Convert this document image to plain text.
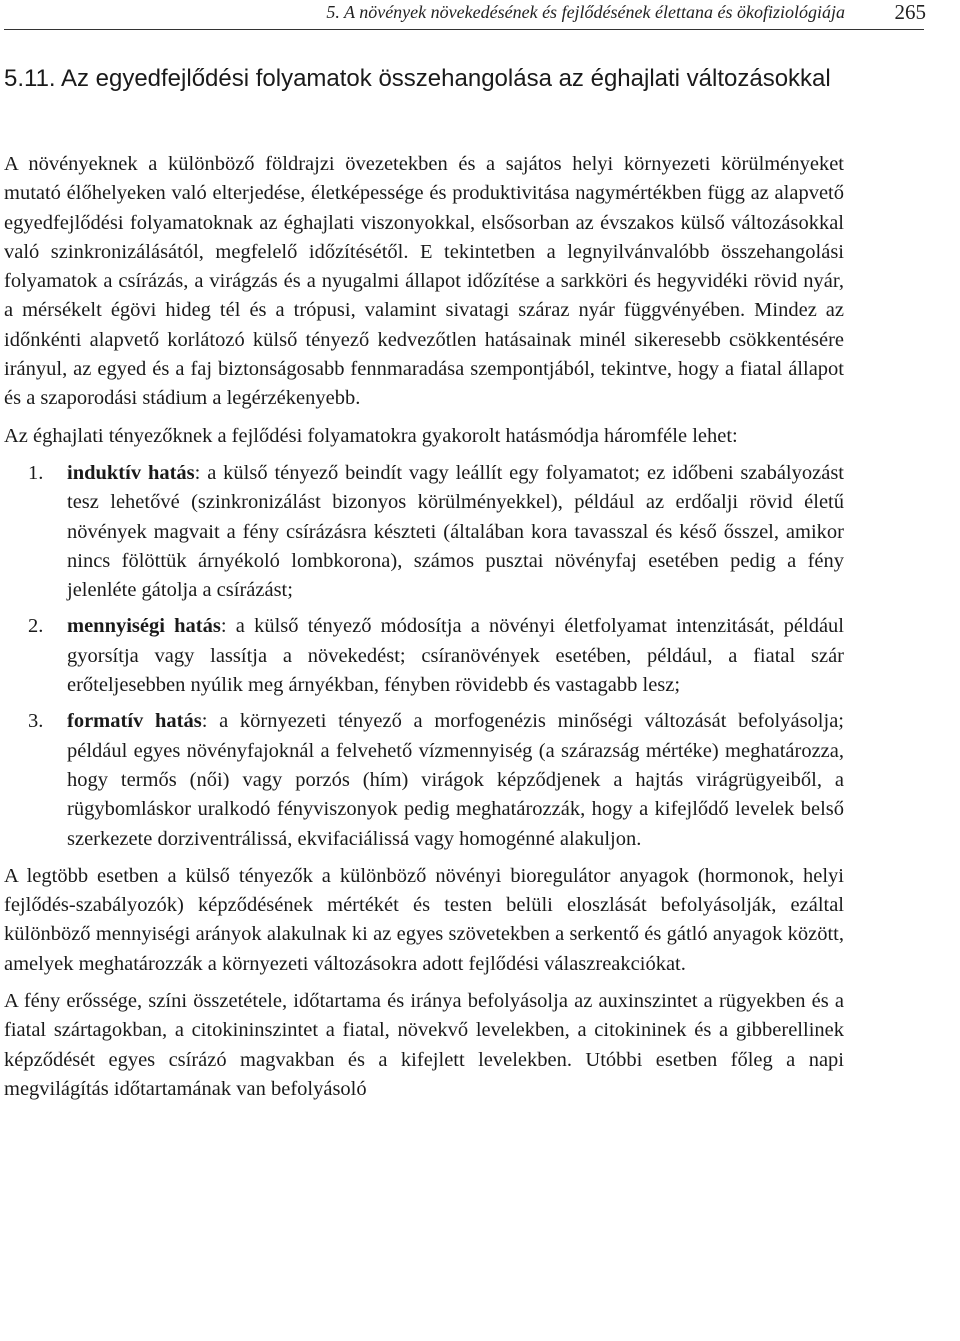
5. A növények növekedésének és fejlődésének élettana és ökofiziológiája 265
5.11. Az egyedfejlődési folyamatok összehangolása az éghajlati változásokkal

A növényeknek a különböző földrajzi övezetekben és a sajátos helyi környezeti körülményeket mutató élőhelyeken való elterjedése, életképessége és produktivitása nagymértékben függ az alapvető egyedfejlődési folyamatoknak az éghajlati viszonyokkal, elsősorban az évszakos külső változásokkal való szinkronizálásától, megfelelő időzítésétől. E tekintetben a legnyilvánvalóbb összehangolási folyamatok a csírázás, a virágzás és a nyugalmi állapot időzítése a sarkköri és hegyvidéki rövid nyár, a mérsékelt égövi hideg tél és a trópusi, valamint sivatagi száraz nyár függvényében. Mindez az időnkénti alapvető korlátozó külső tényező kedvezőtlen hatásainak minél sikeresebb csökkentésére irányul, az egyed és a faj biztonságosabb fennmaradása szempontjából, tekintve, hogy a fiatal állapot és a szaporodási stádium a legérzékenyebb.

Az éghajlati tényezőknek a fejlődési folyamatokra gyakorolt hatásmódja háromféle lehet:

1. induktív hatás: a külső tényező beindít vagy leállít egy folyamatot; ez időbeni szabályozást tesz lehetővé (szinkronizálást bizonyos körülményekkel), például az erdőalji rövid életű növények magvait a fény csírázásra készteti (általában kora tavasszal és késő ősszel, amikor nincs fölöttük árnyékoló lombkorona), számos pusztai növényfaj esetében pedig a fény jelenléte gátolja a csírázást;
2. mennyiségi hatás: a külső tényező módosítja a növényi életfolyamat intenzitását, például gyorsítja vagy lassítja a növekedést; csíranövények esetében, például, a fiatal szár erőteljesebben nyúlik meg árnyékban, fényben rövidebb és vastagabb lesz;
3. formatív hatás: a környezeti tényező a morfogenézis minőségi változását befolyásolja; például egyes növényfajoknál a felvehető vízmennyiség (a szárazság mértéke) meghatározza, hogy termős (női) vagy porzós (hím) virágok képződjenek a hajtás virágrügyeiből, a rügybomláskor uralkodó fényviszonyok pedig meghatározzák, hogy a kifejlődő levelek belső szerkezete dorziventrálissá, ekvifaciálissá vagy homogénné alakuljon.

A legtöbb esetben a külső tényezők a különböző növényi bioregulátor anyagok (hormonok, helyi fejlődés-szabályozók) képződésének mértékét és testen belüli eloszlását befolyásolják, ezáltal különböző mennyiségi arányok alakulnak ki az egyes szövetekben a serkentő és gátló anyagok között, amelyek meghatározzák a környezeti változásokra adott fejlődési válaszreakciókat.

A fény erőssége, színi összetétele, időtartama és iránya befolyásolja az auxinszintet a rügyekben és a fiatal szártagokban, a citokininszintet a fiatal, növekvő levelekben, a citokininek és a gibberellinek képződését egyes csírázó magvakban és a kifejlett levelekben. Utóbbi esetben főleg a napi megvilágítás időtartamának van befolyásoló
